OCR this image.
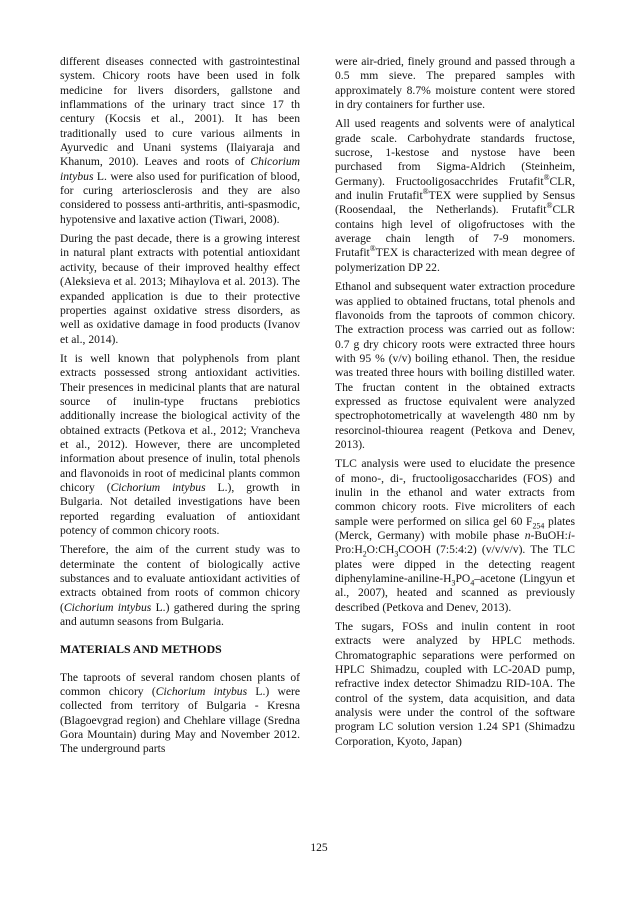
different diseases connected with gastrointestinal system. Chicory roots have been used in folk medicine for livers disorders, gallstone and inflammations of the urinary tract since 17 th century (Kocsis et al., 2001). It has been traditionally used to cure various ailments in Ayurvedic and Unani systems (Ilaiyaraja and Khanum, 2010). Leaves and roots of Chicorium intybus L. were also used for purification of blood, for curing arteriosclerosis and they are also considered to possess anti-arthritis, anti-spasmodic, hypotensive and laxative action (Tiwari, 2008).

During the past decade, there is a growing interest in natural plant extracts with potential antioxidant activity, because of their improved healthy effect (Aleksieva et al. 2013; Mihaylova et al. 2013). The expanded application is due to their protective properties against oxidative stress disorders, as well as oxidative damage in food products (Ivanov et al., 2014).

It is well known that polyphenols from plant extracts possessed strong antioxidant activities. Their presences in medicinal plants that are natural source of inulin-type fructans prebiotics additionally increase the biological activity of the obtained extracts (Petkova et al., 2012; Vrancheva et al., 2012). However, there are uncompleted information about presence of inulin, total phenols and flavonoids in root of medicinal plants common chicory (Cichorium intybus L.), growth in Bulgaria. Not detailed investigations have been reported regarding evaluation of antioxidant potency of common chicory roots.

Therefore, the aim of the current study was to determinate the content of biologically active substances and to evaluate antioxidant activities of extracts obtained from roots of common chicory (Cichorium intybus L.) gathered during the spring and autumn seasons from Bulgaria.

MATERIALS AND METHODS

The taproots of several random chosen plants of common chicory (Cichorium intybus L.) were collected from territory of Bulgaria - Kresna (Blagoevgrad region) and Chehlare village (Sredna Gora Mountain) during May and November 2012. The underground parts

were air-dried, finely ground and passed through a 0.5 mm sieve. The prepared samples with approximately 8.7% moisture content were stored in dry containers for further use.

All used reagents and solvents were of analytical grade scale. Carbohydrate standards fructose, sucrose, 1-kestose and nystose have been purchased from Sigma-Aldrich (Steinheim, Germany). Fructooligosacchrides Frutafit®CLR, and inulin Frutafit®TEX were supplied by Sensus (Roosendaal, the Netherlands). Frutafit®CLR contains high level of oligofructoses with the average chain length of 7-9 monomers. Frutafit®TEX is characterized with mean degree of polymerization DP 22.

Ethanol and subsequent water extraction procedure was applied to obtained fructans, total phenols and flavonoids from the taproots of common chicory. The extraction process was carried out as follow: 0.7 g dry chicory roots were extracted three hours with 95 % (v/v) boiling ethanol. Then, the residue was treated three hours with boiling distilled water. The fructan content in the obtained extracts expressed as fructose equivalent were analyzed spectrophotometrically at wavelength 480 nm by resorcinol-thiourea reagent (Petkova and Denev, 2013).

TLC analysis were used to elucidate the presence of mono-, di-, fructooligosaccharides (FOS) and inulin in the ethanol and water extracts from common chicory roots. Five microliters of each sample were performed on silica gel 60 $F_{254}$ plates (Merck, Germany) with mobile phase $n-BuOH:i-Pro:H_2O:CH_3COOH$ (7:5:4:2) (v/v/v/v). The TLC plates were dipped in the detecting reagent diphenylamine-$aniline-H_3PO_4$–acetone (Lingyun et al., 2007), heated and scanned as previously described (Petkova and Denev, 2013).

The sugars, FOSs and inulin content in root extracts were analyzed by HPLC methods. Chromatographic separations were performed on HPLC Shimadzu, coupled with LC-20AD pump, refractive index detector Shimadzu RID-10A. The control of the system, data acquisition, and data analysis were under the control of the software program LC solution version 1.24 SP1 (Shimadzu Corporation, Kyoto, Japan)

125
